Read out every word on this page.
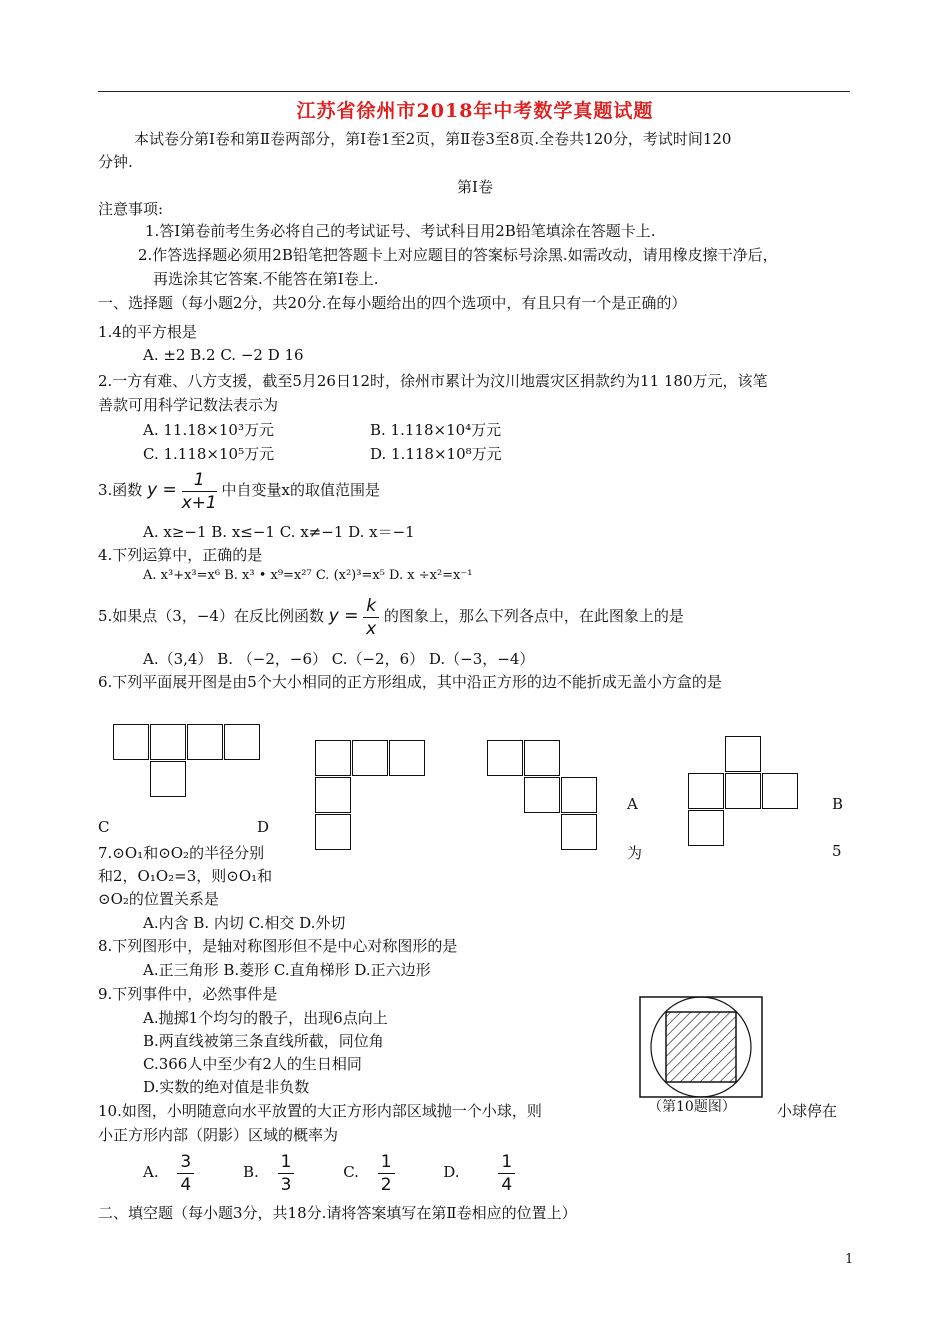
江苏省徐州市2018年中考数学真题试题
本试卷分第Ⅰ卷和第Ⅱ卷两部分，第Ⅰ卷1至2页，第Ⅱ卷3至8页.全卷共120分，考试时间120
分钟.
第Ⅰ卷
注意事项:
1.答Ⅰ第卷前考生务必将自己的考试证号、考试科目用2B铅笔填涂在答题卡上.
2.作答选择题必须用2B铅笔把答题卡上对应题目的答案标号涂黑.如需改动，请用橡皮擦干净后，
再选涂其它答案.不能答在第Ⅰ卷上.
一、选择题（每小题2分，共20分.在每小题给出的四个选项中，有且只有一个是正确的）
1.4的平方根是
A. ±2 B.2 C. −2 D 16
2.一方有难、八方支援，截至5月26日12时，徐州市累计为汶川地震灾区捐款约为11 180万元，该笔
善款可用科学记数法表示为
A. 11.18×10³万元	B. 1.118×10⁴万元
C. 1.118×10⁵万元	D. 1.118×10⁸万元
3.函数 $y = \frac{1}{x+1}$ 中自变量x的取值范围是
A. x≥−1 B. x≤−1 C. x≠−1 D. x＝−1
4.下列运算中，正确的是
A. x³+x³=x⁶ B. x³ • x⁹=x²⁷ C. (x²)³=x⁵ D. x ÷x²=x⁻¹
5.如果点（3，−4）在反比例函数 $y = \frac{k}{x}$ 的图象上，那么下列各点中，在此图象上的是
A.（3,4） B. （−2，−6） C.（−2，6） D.（−3，−4）
6.下列平面展开图是由5个大小相同的正方形组成，其中沿正方形的边不能折成无盖小方盒的是
C	D
A	B
7.⊙O₁和⊙O₂的半径分别	为	5
和2，O₁O₂=3，则⊙O₁和
⊙O₂的位置关系是
A.内含 B. 内切 C.相交 D.外切
8.下列图形中，是轴对称图形但不是中心对称图形的是
A.正三角形 B.菱形 C.直角梯形 D.正六边形
9.下列事件中，必然事件是
A.抛掷1个均匀的骰子，出现6点向上
B.两直线被第三条直线所截，同位角
C.366人中至少有2人的生日相同
D.实数的绝对值是非负数
（第10题图）
10.如图，小明随意向水平放置的大正方形内部区域抛一个小球，则	小球停在
小正方形内部（阴影）区域的概率为
A. $\frac{3}{4}$	B. $\frac{1}{3}$	C. $\frac{1}{2}$	D. $\frac{1}{4}$
二、填空题（每小题3分，共18分.请将答案填写在第Ⅱ卷相应的位置上）
1
